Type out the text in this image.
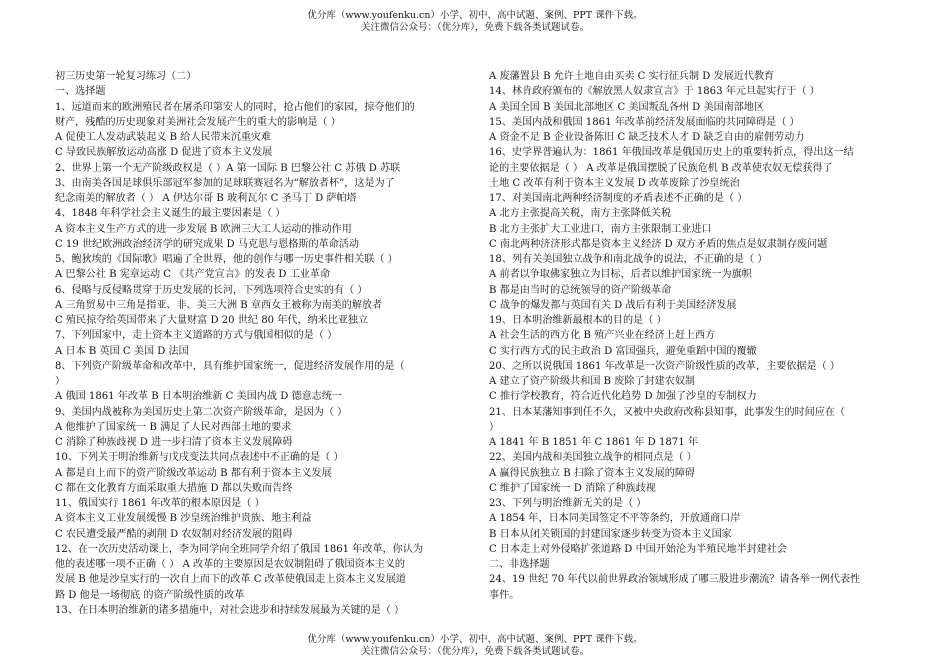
优分库（www.youfenku.cn）小学、初中、高中试题、案例、PPT 课件下载。
关注微信公众号：（优分库），免费下载各类试题试卷。
初三历史第一轮复习练习（二）
一、选择题
1、远道而来的欧洲殖民者在屠杀印第安人的同时，抢占他们的家园，掠夺他们的
财产，残酷的历史现象对美洲社会发展产生的重大的影响是（ ）
A 促使工人发动武装起义 B 给人民带来沉重灾难
C 导致民族解放运动高涨 D 促进了资本主义发展
2、世界上第一个无产阶级政权是（ ）A 第一国际 B 巴黎公社 C 苏俄 D 苏联
3、由南美各国足球俱乐部冠军参加的足球联赛冠名为“解放者杯”，这是为了
纪念南美的解放者（ ） A 伊达尔哥 B 玻利瓦尔 C 圣马丁 D 萨帕塔
4、1848 年科学社会主义诞生的最主要因素是（ ）
A 资本主义生产方式的进一步发展 B 欧洲三大工人运动的推动作用
C 19 世纪欧洲政治经济学的研究成果 D 马克思与恩格斯的革命活动
5、鲍狄埃的《国际歌》唱遍了全世界，他的创作与哪一历史事件相关联（ ）
A 巴黎公社 B 宪章运动 C 《共产党宣言》的发表 D 工业革命
6、侵略与反侵略贯穿于历史发展的长河，下列选项符合史实的有（ ）
A 三角贸易中三角是指亚、非、美三大洲 B 章西女王被称为南美的解放者
C 殖民掠夺给英国带来了大量财富 D 20 世纪 80 年代，纳米比亚独立
7、下列国家中，走上资本主义道路的方式与俄国相似的是（ ）
A 日本 B 英国 C 美国 D 法国
8、下列资产阶级革命和改革中，具有维护国家统一，促进经济发展作用的是（
）
A 俄国 1861 年改革 B 日本明治维新 C 美国内战 D 德意志统一
9、美国内战被称为美国历史上第二次资产阶级革命，是因为（ ）
A 他维护了国家统一 B 满足了人民对西部土地的要求
C 消除了种族歧视 D 进一步扫清了资本主义发展障碍
10、下列关于明治维新与戊戌变法共同点表述中不正确的是（ ）
A 都是自上而下的资产阶级改革运动 B 都有利于资本主义发展
C 都在文化教育方面采取重大措施 D 都以失败而告终
11、俄国实行 1861 年改革的根本原因是（ ）
A 资本主义工业发展缓慢 B 沙皇统治维护贵族、地主利益
C 农民遭受最严酷的剥削 D 农奴制对经济发展的阻碍
12、在一次历史活动课上，李为同学向全班同学介绍了俄国 1861 年改革，你认为
他的表述哪一项不正确（ ） A 改革的主要原因是农奴制阻碍了俄国资本主义的
发展 B 他是沙皇实行的一次自上而下的改革 C 改革使俄国走上资本主义发展道
路 D 他是一场彻底 的资产阶级性质的改革
13、在日本明治维新的诸多措施中，对社会进步和持续发展最为关键的是（ ）
A 废藩置县 B 允许土地自由买卖 C 实行征兵制 D 发展近代教育
14、林肯政府颁布的《解放黑人奴隶宣言》于 1863 年元旦起实行于（ ）
A 美国全国 B 美国北部地区 C 美国叛乱各州 D 美国南部地区
15、美国内战和俄国 1861 年改革前经济发展面临的共同障碍是（ ）
A 资金不足 B 企业设备陈旧 C 缺乏技术人才 D 缺乏自由的雇佣劳动力
16、史学界普遍认为：1861 年俄国改革是俄国历史上的重要转折点，得出这一结
论的主要依据是（ ） A 改革是俄国摆脱了民族危机 B 改革使农奴无偿获得了
土地 C 改革有利于资本主义发展 D 改革废除了沙皇统治
17、对美国南北两种经济制度的矛盾表述不正确的是（ ）
A 北方主张提高关税，南方主张降低关税
B 北方主张扩大工业进口，南方主张限制工业进口
C 南北两种济济形式都是资本主义经济 D 双方矛盾的焦点是奴隶制存废问题
18、列有关美国独立战争和南北战争的说法，不正确的是（ ）
A 前者以争取佛家独立为目标，后者以维护国家统一为旗帜
B 都是由当时的总统领导的资产阶级革命
C 战争的爆发都与英国有关 D 战后有利于美国经济发展
19、日本明治维新最根本的目的是（ ）
A 社会生活的西方化 B 殖产兴业在经济上赶上西方
C 实行西方式的民主政治 D 富国强兵，避免重蹈中国的覆辙
20、之所以说俄国 1861 年改革是一次资产阶级性质的改革，主要依据是（ ）
A 建立了资产阶级共和国 B 废除了封建农奴制
C 推行学校教育，符合近代化趋势 D 加强了沙皇的专制权力
21、日本某藩知事到任不久，又被中央政府改称县知事，此事发生的时间应在（
）
A 1841 年 B 1851 年 C 1861 年 D 1871 年
22、美国内战和美国独立战争的相同点是（ ）
A 赢得民族独立 B 扫除了资本主义发展的障碍
C 维护了国家统一 D 消除了种族歧视
23、下列与明治维新无关的是（ ）
A 1854 年，日本同美国签定不平等条约，开放通商口岸
B 日本从闭关锁国的封建国家逐步转变为资本主义国家
C 日本走上对外侵略扩张道路 D 中国开始沦为半殖民地半封建社会
二、非选择题
24、19 世纪 70 年代以前世界政治领域形成了哪三股进步潮流？请各举一例代表性
事件。
优分库（www.youfenku.cn）小学、初中、高中试题、案例、PPT 课件下载。
关注微信公众号：（优分库），免费下载各类试题试卷。
